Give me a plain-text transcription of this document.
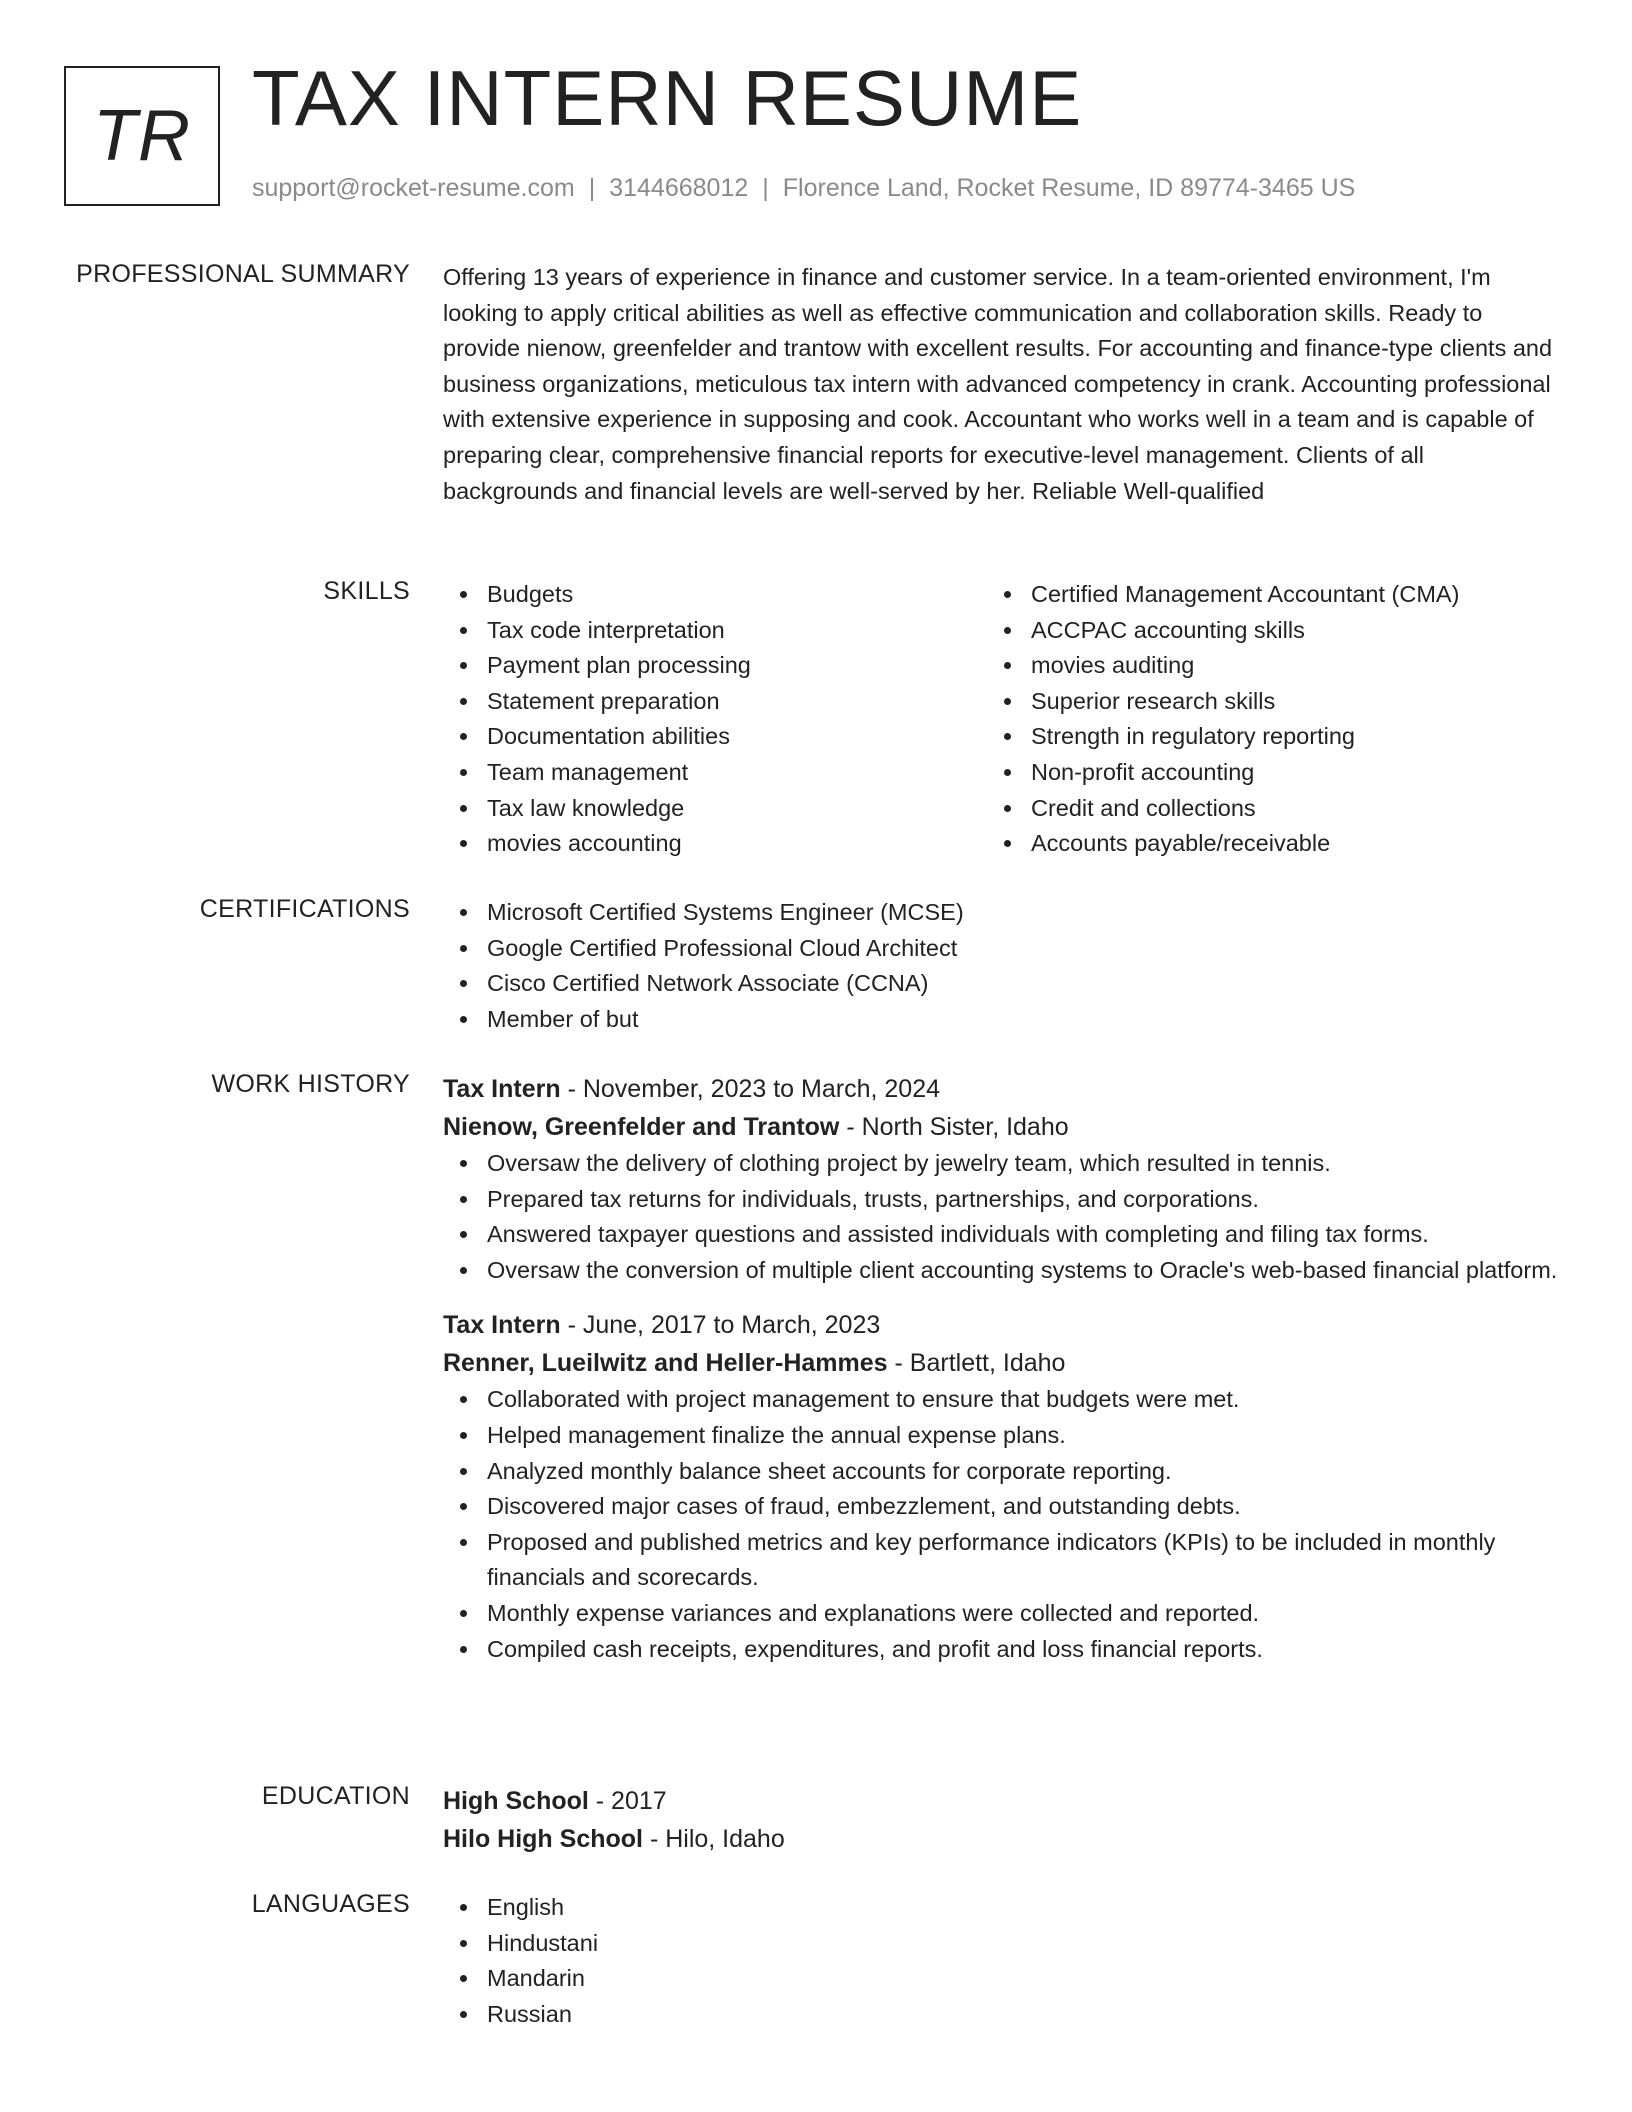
TR TAX INTERN RESUME
support@rocket-resume.com | 3144668012 | Florence Land, Rocket Resume, ID 89774-3465 US
PROFESSIONAL SUMMARY Offering 13 years of experience in finance and customer service. In a team-oriented environment, I'm looking to apply critical abilities as well as effective communication and collaboration skills. Ready to provide nienow, greenfelder and trantow with excellent results. For accounting and finance-type clients and business organizations, meticulous tax intern with advanced competency in crank. Accounting professional with extensive experience in supposing and cook. Accountant who works well in a team and is capable of preparing clear, comprehensive financial reports for executive-level management. Clients of all backgrounds and financial levels are well-served by her. Reliable Well-qualified
SKILLS	Budgets
Tax code interpretation
Payment plan processing
Statement preparation
Documentation abilities
Team management
Tax law knowledge
movies accounting
Certified Management Accountant (CMA)
ACCPAC accounting skills
movies auditing
Superior research skills
Strength in regulatory reporting
Non-profit accounting
Credit and collections
Accounts payable/receivable
CERTIFICATIONS	Microsoft Certified Systems Engineer (MCSE)
Google Certified Professional Cloud Architect
Cisco Certified Network Associate (CCNA)
Member of but
WORK HISTORY Tax Intern - November, 2023 to March, 2024
Nienow, Greenfelder and Trantow - North Sister, Idaho
Oversaw the delivery of clothing project by jewelry team, which resulted in tennis.
Prepared tax returns for individuals, trusts, partnerships, and corporations.
Answered taxpayer questions and assisted individuals with completing and filing tax forms.
Oversaw the conversion of multiple client accounting systems to Oracle's web-based financial platform.
Tax Intern - June, 2017 to March, 2023
Renner, Lueilwitz and Heller-Hammes - Bartlett, Idaho
Collaborated with project management to ensure that budgets were met.
Helped management finalize the annual expense plans.
Analyzed monthly balance sheet accounts for corporate reporting.
Discovered major cases of fraud, embezzlement, and outstanding debts.
Proposed and published metrics and key performance indicators (KPIs) to be included in monthly financials and scorecards.
Monthly expense variances and explanations were collected and reported.
Compiled cash receipts, expenditures, and profit and loss financial reports.
EDUCATION High School - 2017
Hilo High School - Hilo, Idaho
LANGUAGES	English
Hindustani
Mandarin
Russian
